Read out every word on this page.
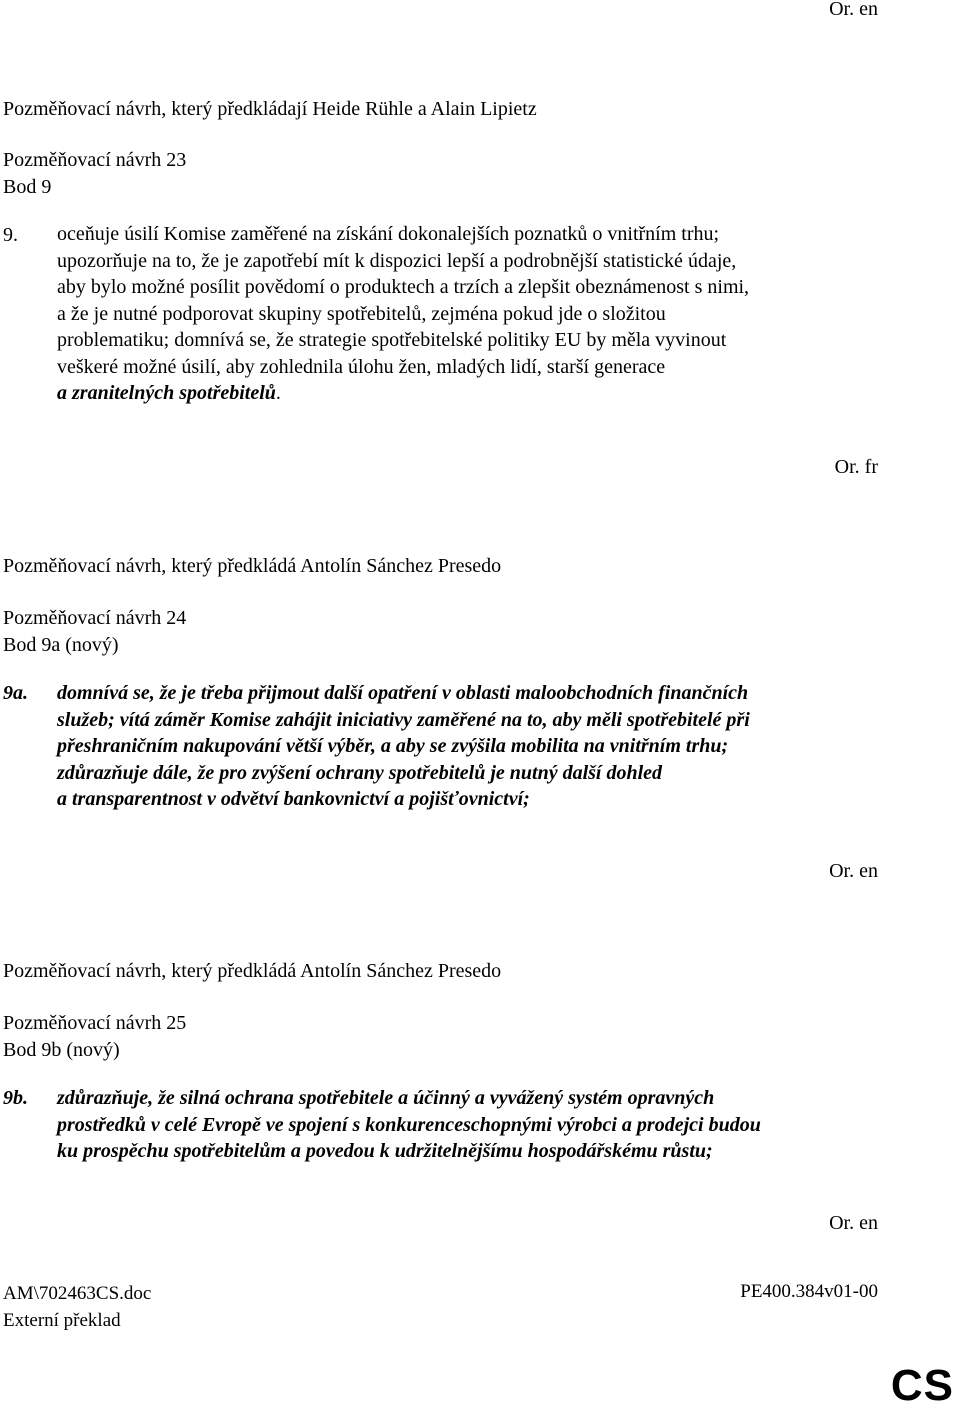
Or. en
Pozměňovací návrh, který předkládají Heide Rühle a Alain Lipietz
Pozměňovací návrh 23
Bod 9
9. oceňuje úsilí Komise zaměřené na získání dokonalejších poznatků o vnitřním trhu;
upozorňuje na to, že je zapotřebí mít k dispozici lepší a podrobnější statistické údaje,
aby bylo možné posílit povědomí o produktech a trzích a zlepšit obeznámenost s nimi,
a že je nutné podporovat skupiny spotřebitelů, zejména pokud jde o složitou
problematiku; domnívá se, že strategie spotřebitelské politiky EU by měla vyvinout
veškeré možné úsilí, aby zohlednila úlohu žen, mladých lidí, starší generace
a zranitelných spotřebitelů.
Or. fr
Pozměňovací návrh, který předkládá Antolín Sánchez Presedo
Pozměňovací návrh 24
Bod 9a (nový)
9a. domnívá se, že je třeba přijmout další opatření v oblasti maloobchodních finančních
služeb; vítá záměr Komise zahájit iniciativy zaměřené na to, aby měli spotřebitelé při
přeshraničním nakupování větší výběr, a aby se zvýšila mobilita na vnitřním trhu;
zdůrazňuje dále, že pro zvýšení ochrany spotřebitelů je nutný další dohled
a transparentnost v odvětví bankovnictví a pojišťovnictví;
Or. en
Pozměňovací návrh, který předkládá Antolín Sánchez Presedo
Pozměňovací návrh 25
Bod 9b (nový)
9b. zdůrazňuje, že silná ochrana spotřebitele a účinný a vyvážený systém opravných
prostředků v celé Evropě ve spojení s konkurenceschopnými výrobci a prodejci budou
ku prospěchu spotřebitelům a povedou k udržitelnějšímu hospodářskému růstu;
Or. en
AM\702463CS.doc
Externí překlad
PE400.384v01-00
CS
